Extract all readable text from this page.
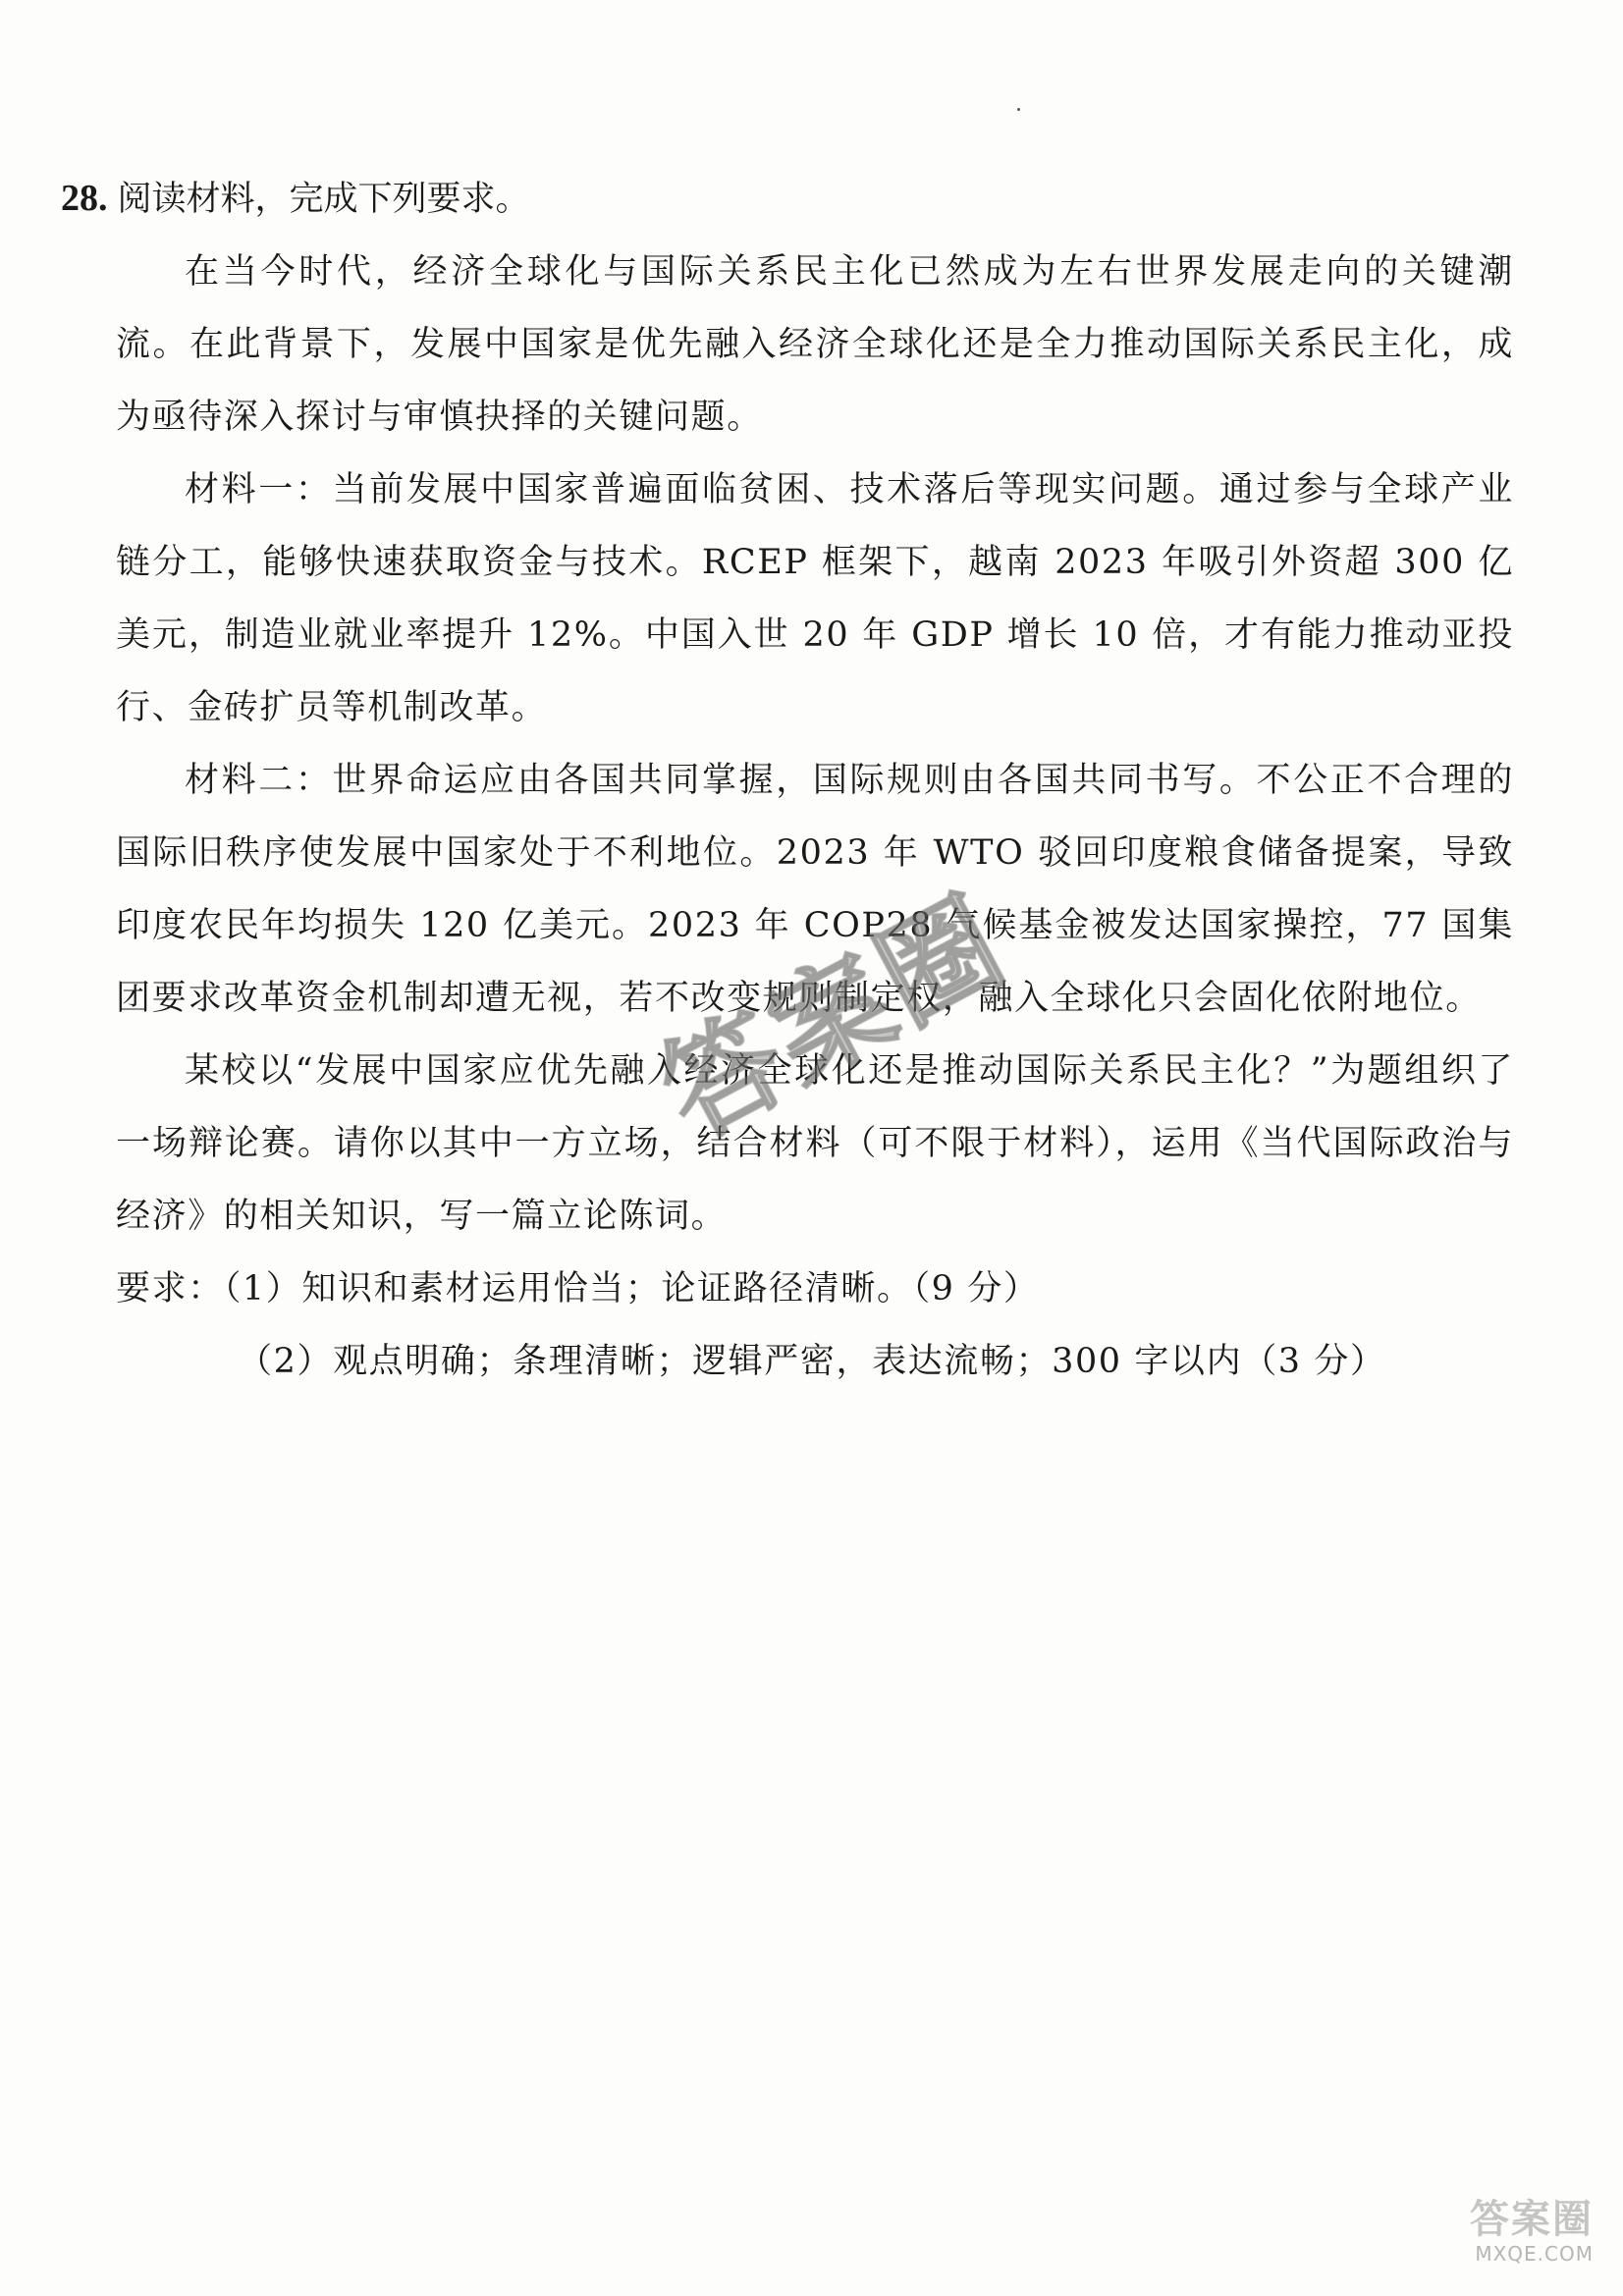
28. 阅读材料，完成下列要求。

在当今时代，经济全球化与国际关系民主化已然成为左右世界发展走向的关键潮流。在此背景下，发展中国家是优先融入经济全球化还是全力推动国际关系民主化，成为亟待深入探讨与审慎抉择的关键问题。

材料一：当前发展中国家普遍面临贫困、技术落后等现实问题。通过参与全球产业链分工，能够快速获取资金与技术。RCEP 框架下，越南 2023 年吸引外资超 300 亿美元，制造业就业率提升 12%。中国入世 20 年 GDP 增长 10 倍，才有能力推动亚投行、金砖扩员等机制改革。

材料二：世界命运应由各国共同掌握，国际规则由各国共同书写。不公正不合理的国际旧秩序使发展中国家处于不利地位。2023 年 WTO 驳回印度粮食储备提案，导致印度农民年均损失 120 亿美元。2023 年 COP28 气候基金被发达国家操控，77 国集团要求改革资金机制却遭无视，若不改变规则制定权，融入全球化只会固化依附地位。

某校以“发展中国家应优先融入经济全球化还是推动国际关系民主化？”为题组织了一场辩论赛。请你以其中一方立场，结合材料（可不限于材料），运用《当代国际政治与经济》的相关知识，写一篇立论陈词。

要求：（1）知识和素材运用恰当；论证路径清晰。（9 分）

（2）观点明确；条理清晰；逻辑严密，表达流畅；300 字以内（3 分）

答案圈
答案圈
MXQE.COM
